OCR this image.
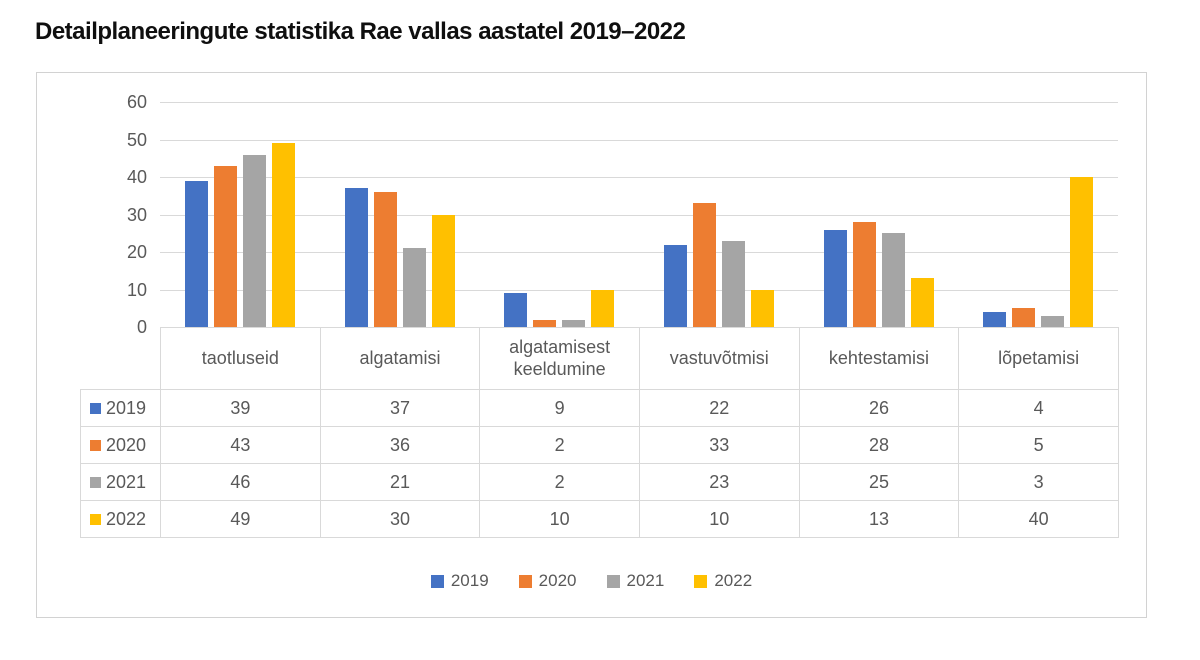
Detailplaneeringute statistika Rae vallas aastatel 2019–2022
0
10
20
30
40
50
60
	taotluseid	algatamisi	algatamisest keeldumine	vastuvõtmisi	kehtestamisi	lõpetamisi
2019	39	37	9	22	26	4
2020	43	36	2	33	28	5
2021	46	21	2	23	25	3
2022	49	30	10	10	13	40
2019	2020	2021	2022
